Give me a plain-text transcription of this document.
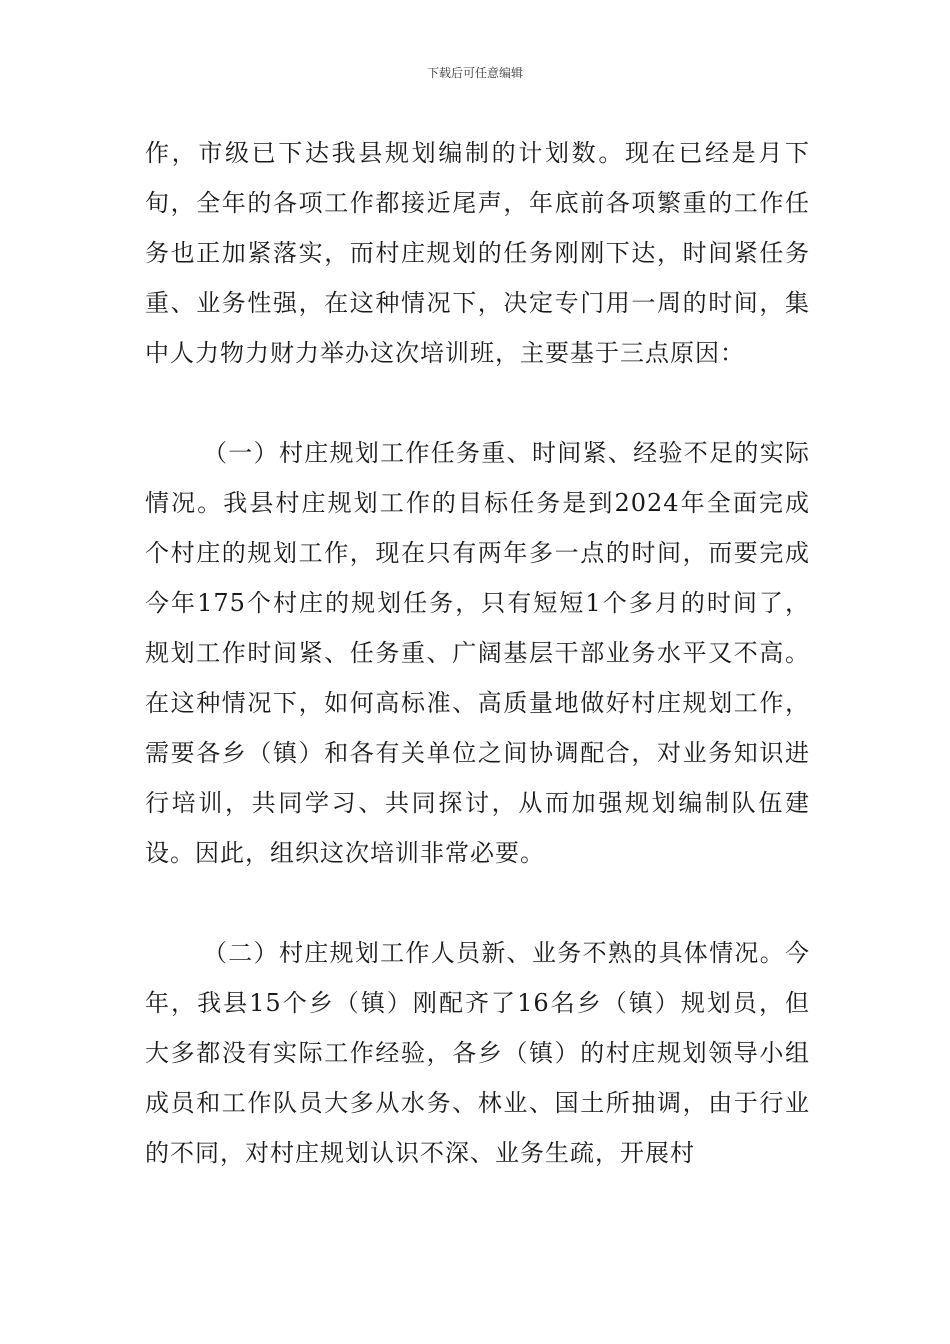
下载后可任意编辑

作，市级已下达我县规划编制的计划数。现在已经是月下旬，全年的各项工作都接近尾声，年底前各项繁重的工作任务也正加紧落实，而村庄规划的任务刚刚下达，时间紧任务重、业务性强，在这种情况下，决定专门用一周的时间，集中人力物力财力举办这次培训班，主要基于三点原因：

（一）村庄规划工作任务重、时间紧、经验不足的实际情况。我县村庄规划工作的目标任务是到2024年全面完成个村庄的规划工作，现在只有两年多一点的时间，而要完成今年175个村庄的规划任务，只有短短1个多月的时间了，规划工作时间紧、任务重、广阔基层干部业务水平又不高。在这种情况下，如何高标准、高质量地做好村庄规划工作，需要各乡（镇）和各有关单位之间协调配合，对业务知识进行培训，共同学习、共同探讨，从而加强规划编制队伍建设。因此，组织这次培训非常必要。

（二）村庄规划工作人员新、业务不熟的具体情况。今年，我县15个乡（镇）刚配齐了16名乡（镇）规划员，但大多都没有实际工作经验，各乡（镇）的村庄规划领导小组成员和工作队员大多从水务、林业、国土所抽调，由于行业的不同，对村庄规划认识不深、业务生疏，开展村
